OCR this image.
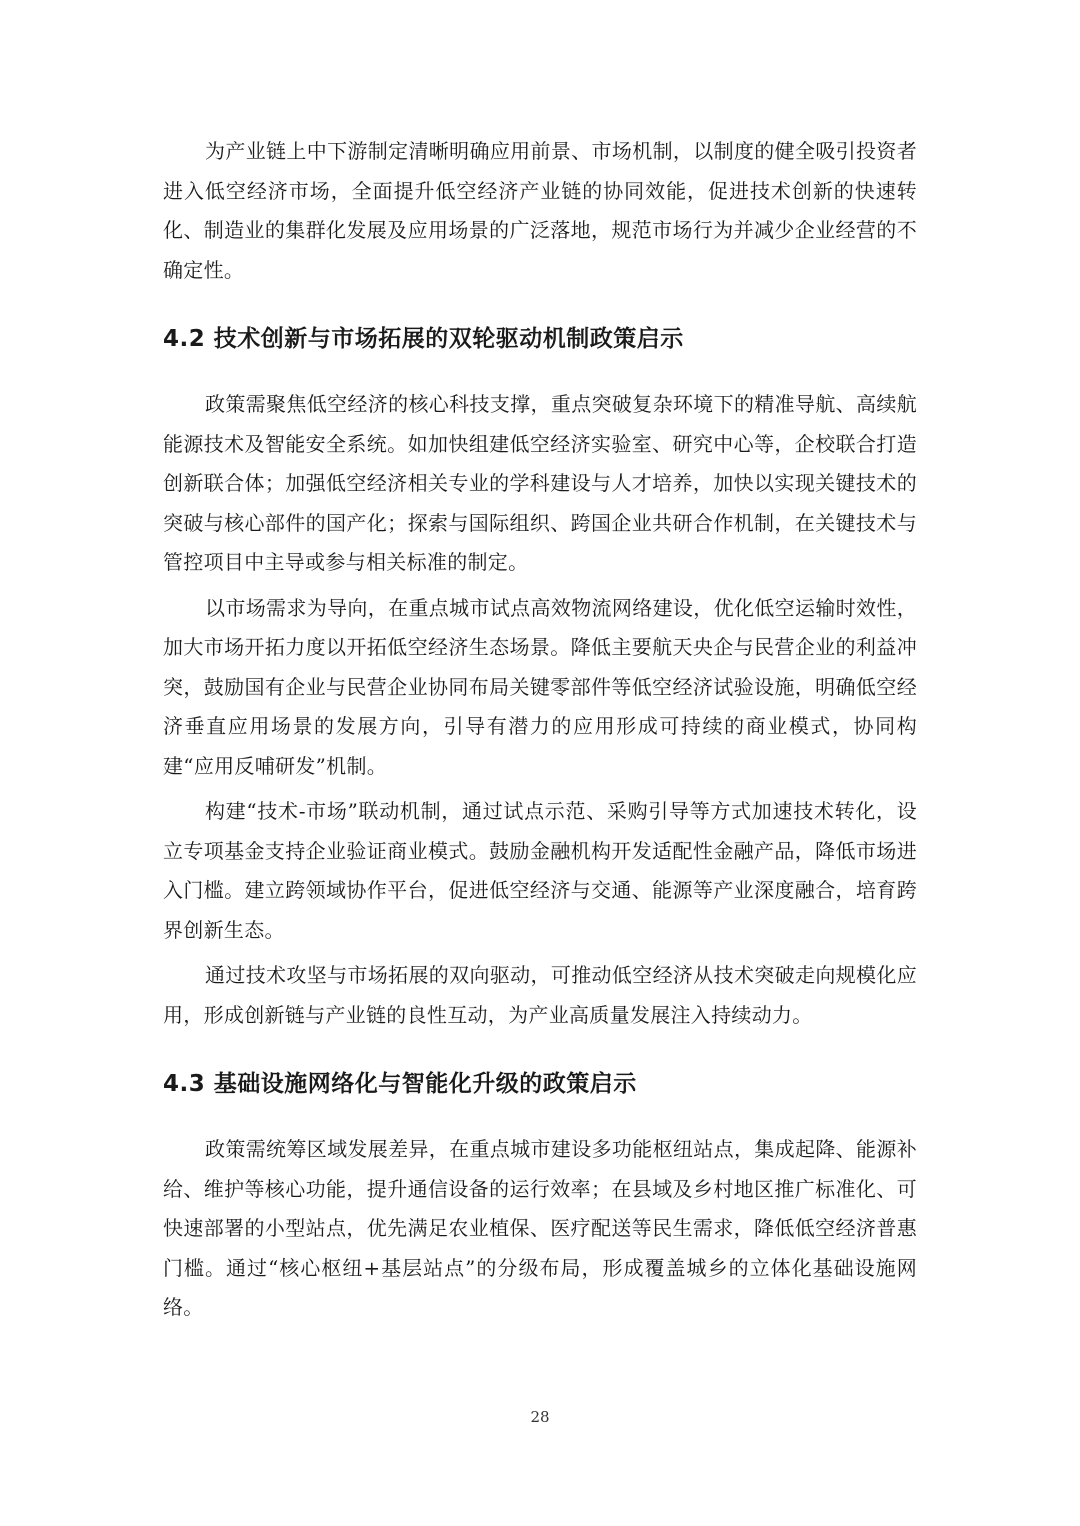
为产业链上中下游制定清晰明确应用前景、市场机制，以制度的健全吸引投资者进入低空经济市场，全面提升低空经济产业链的协同效能，促进技术创新的快速转化、制造业的集群化发展及应用场景的广泛落地，规范市场行为并减少企业经营的不确定性。

4.2 技术创新与市场拓展的双轮驱动机制政策启示

政策需聚焦低空经济的核心科技支撑，重点突破复杂环境下的精准导航、高续航能源技术及智能安全系统。如加快组建低空经济实验室、研究中心等，企校联合打造创新联合体；加强低空经济相关专业的学科建设与人才培养，加快以实现关键技术的突破与核心部件的国产化；探索与国际组织、跨国企业共研合作机制，在关键技术与管控项目中主导或参与相关标准的制定。

以市场需求为导向，在重点城市试点高效物流网络建设，优化低空运输时效性，加大市场开拓力度以开拓低空经济生态场景。降低主要航天央企与民营企业的利益冲突，鼓励国有企业与民营企业协同布局关键零部件等低空经济试验设施，明确低空经济垂直应用场景的发展方向，引导有潜力的应用形成可持续的商业模式，协同构建“应用反哺研发”机制。

构建“技术-市场”联动机制，通过试点示范、采购引导等方式加速技术转化，设立专项基金支持企业验证商业模式。鼓励金融机构开发适配性金融产品，降低市场进入门槛。建立跨领域协作平台，促进低空经济与交通、能源等产业深度融合，培育跨界创新生态。

通过技术攻坚与市场拓展的双向驱动，可推动低空经济从技术突破走向规模化应用，形成创新链与产业链的良性互动，为产业高质量发展注入持续动力。

4.3 基础设施网络化与智能化升级的政策启示

政策需统筹区域发展差异，在重点城市建设多功能枢纽站点，集成起降、能源补给、维护等核心功能，提升通信设备的运行效率；在县域及乡村地区推广标准化、可快速部署的小型站点，优先满足农业植保、医疗配送等民生需求，降低低空经济普惠门槛。通过“核心枢纽+基层站点”的分级布局，形成覆盖城乡的立体化基础设施网络。

28
